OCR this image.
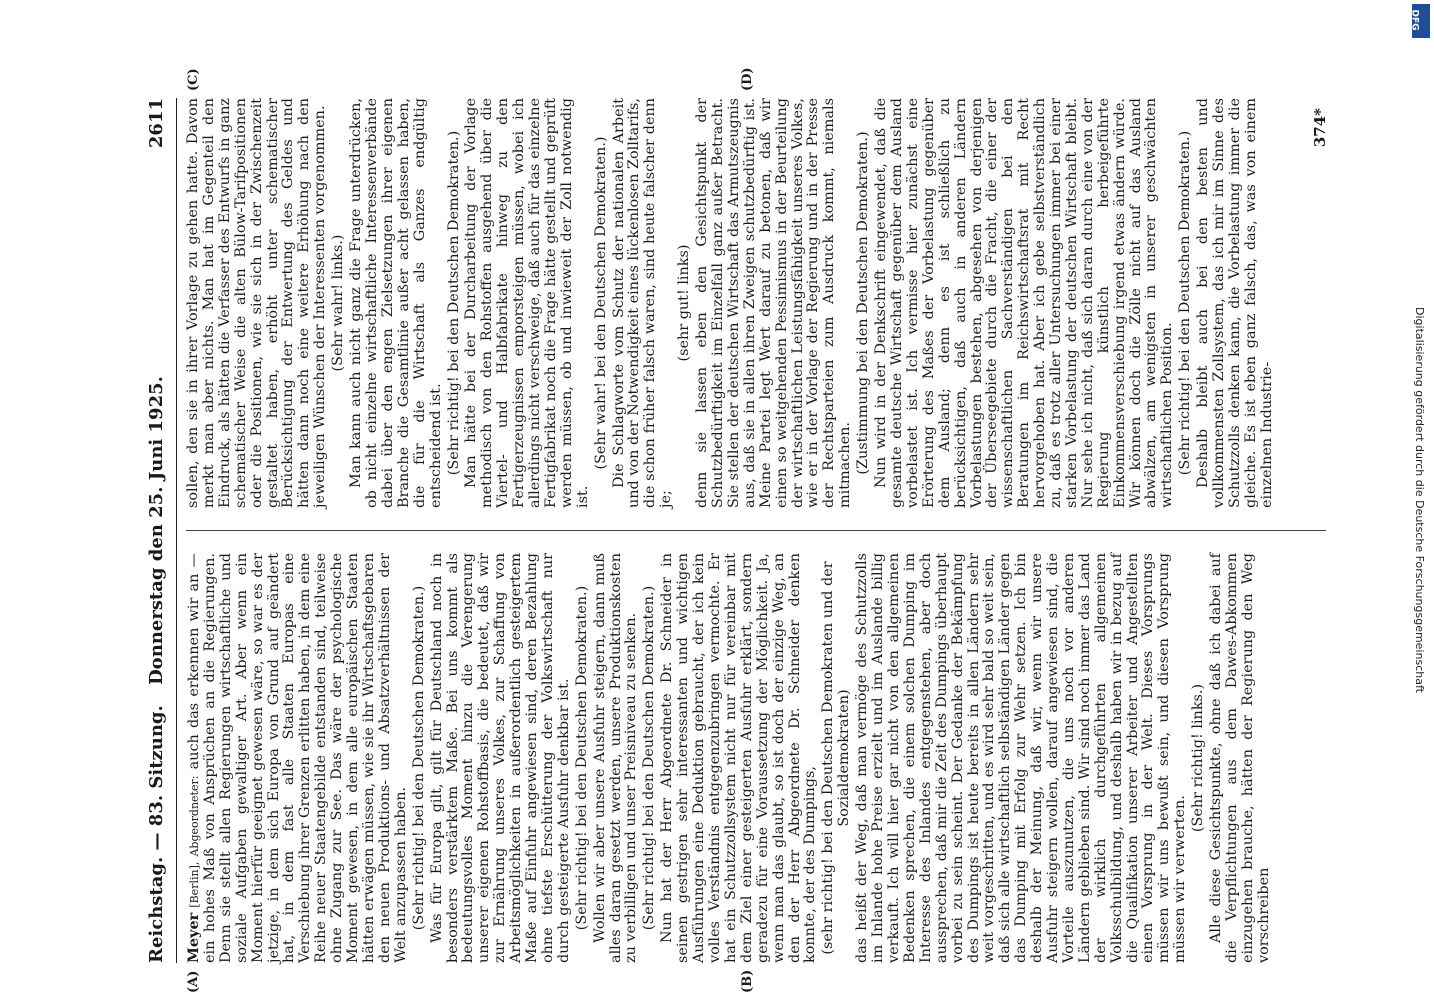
Reichstag. — 83. Sitzung.
Donnerstag den 25. Juni 1925.
2611
(A)	(B)
(C)	(D)

Meyer [Berlin], Abgeordneter: auch das erkennen wir an — ein hohes Maß von Ansprüchen an die Regierungen. Denn sie stellt allen Regierungen wirtschaftliche und soziale Aufgaben gewaltiger Art. Aber wenn ein Moment hierfür geeignet gewesen wäre, so war es der jetzige, in dem sich Europa von Grund auf geändert hat, in dem fast alle Staaten Europas eine Verschiebung ihrer Grenzen erlitten haben, in dem eine Reihe neuer Staatengebilde entstanden sind, teilweise ohne Zugang zur See. Das wäre der psychologische Moment gewesen, in dem alle europäischen Staaten hätten erwägen müssen, wie sie ihr Wirtschaftsgebaren den neuen Produktions- und Absatzverhältnissen der Welt anzupassen haben. (Sehr richtig! bei den Deutschen Demokraten.) Was für Europa gilt, gilt für Deutschland noch in besonders verstärktem Maße. Bei uns kommt als bedeutungsvolles Moment hinzu die Verengerung unserer eigenen Rohstoffbasis, die bedeutet, daß wir zur Ernährung unseres Volkes, zur Schaffung von Arbeitsmöglichkeiten in außerordentlich gesteigertem Maße auf Einfuhr angewiesen sind, deren Bezahlung ohne tiefste Erschütterung der Volkswirtschaft nur durch gesteigerte Ausfuhr denkbar ist. (Sehr richtig! bei den Deutschen Demokraten.) Wollen wir aber unsere Ausfuhr steigern, dann muß alles daran gesetzt werden, unsere Produktionskosten zu verbilligen und unser Preisniveau zu senken. (Sehr richtig! bei den Deutschen Demokraten.) Nun hat der Herr Abgeordnete Dr. Schneider in seinen gestrigen sehr interessanten und wichtigen Ausführungen eine Deduktion gebraucht, der ich kein volles Verständnis entgegenzubringen vermochte. Er hat ein Schutzzollsystem nicht nur für vereinbar mit dem Ziel einer gesteigerten Ausfuhr erklärt, sondern geradezu für eine Voraussetzung der Möglichkeit. Ja, wenn man das glaubt, so ist doch der einzige Weg, an den der Herr Abgeordnete Dr. Schneider denken konnte, der des Dumpings, (sehr richtig! bei den Deutschen Demokraten und der Sozialdemokraten) das heißt der Weg, daß man vermöge des Schutzzolls im Inlande hohe Preise erzielt und im Auslande billig verkauft. Ich will hier gar nicht von den allgemeinen Bedenken sprechen, die einem solchen Dumping im Interesse des Inlandes entgegenstehen, aber doch aussprechen, daß mir die Zeit des Dumpings überhaupt vorbei zu sein scheint. Der Gedanke der Bekämpfung des Dumpings ist heute bereits in allen Ländern sehr weit vorgeschritten, und es wird sehr bald so weit sein, daß sich alle wirtschaftlich selbständigen Länder gegen das Dumping mit Erfolg zur Wehr setzen. Ich bin deshalb der Meinung, daß wir, wenn wir unsere Ausfuhr steigern wollen, darauf angewiesen sind, die Vorteile auszunutzen, die uns noch vor anderen Ländern geblieben sind. Wir sind noch immer das Land der wirklich durchgeführten allgemeinen Volksschulbildung, und deshalb haben wir in bezug auf die Qualifikation unserer Arbeiter und Angestellten einen Vorsprung in der Welt. Dieses Vorsprungs müssen wir uns bewußt sein, und diesen Vorsprung müssen wir verwerten.

(Sehr richtig! links.) Alle diese Gesichtspunkte, ohne daß ich dabei auf die Verpflichtungen aus dem Dawes-Abkommen einzugehen brauche, hätten der Regierung den Weg vorschreiben

sollen, den sie in ihrer Vorlage zu gehen hatte. Davon merkt man aber nichts. Man hat im Gegenteil den Eindruck, als hätten die Verfasser des Entwurfs in ganz schematischer Weise die alten Bülow-Tarifpositionen oder die Positionen, wie sie sich in der Zwischenzeit gestaltet haben, erhöht unter schematischer Berücksichtigung der Entwertung des Geldes und hätten dann noch eine weitere Erhöhung nach den jeweiligen Wünschen der Interessenten vorgenommen. (Sehr wahr! links.) Man kann auch nicht ganz die Frage unterdrücken, ob nicht einzelne wirtschaftliche Interessenverbände dabei über den engen Zielsetzungen ihrer eigenen Branche die Gesamtlinie außer acht gelassen haben, die für die Wirtschaft als Ganzes endgültig entscheidend ist. (Sehr richtig! bei den Deutschen Demokraten.) Man hätte bei der Durcharbeitung der Vorlage methodisch von den Rohstoffen ausgehend über die Viertel- und Halbfabrikate hinweg zu den Fertigerzeugnissen emporsteigen müssen, wobei ich allerdings nicht verschweige, daß auch für das einzelne Fertigfabrikat noch die Frage hätte gestellt und geprüft werden müssen, ob und inwieweit der Zoll notwendig ist.

(Sehr wahr! bei den Deutschen Demokraten.) Die Schlagworte vom Schutz der nationalen Arbeit und von der Notwendigkeit eines lückenlosen Zolltarifs, die schon früher falsch waren, sind heute falscher denn je;

(sehr gut! links) denn sie lassen eben den Gesichtspunkt der Schutzbedürftigkeit im Einzelfall ganz außer Betracht. Sie stellen der deutschen Wirtschaft das Armutszeugnis aus, daß sie in allen ihren Zweigen schutzbedürftig ist. Meine Partei legt Wert darauf zu betonen, daß wir einen so weitgehenden Pessimismus in der Beurteilung der wirtschaftlichen Leistungsfähigkeit unseres Volkes, wie er in der Vorlage der Regierung und in der Presse der Rechtsparteien zum Ausdruck kommt, niemals mitmachen. (Zustimmung bei den Deutschen Demokraten.) Nun wird in der Denkschrift eingewendet, daß die gesamte deutsche Wirtschaft gegenüber dem Ausland vorbelastet ist. Ich vermisse hier zunächst eine Erörterung des Maßes der Vorbelastung gegenüber dem Ausland; denn es ist schließlich zu berücksichtigen, daß auch in anderen Ländern Vorbelastungen bestehen, abgesehen von derjenigen der Überseegebiete durch die Fracht, die einer der wissenschaftlichen Sachverständigen bei den Beratungen im Reichswirtschaftsrat mit Recht hervorgehoben hat. Aber ich gebe selbstverständlich zu, daß es trotz aller Untersuchungen immer bei einer starken Vorbelastung der deutschen Wirtschaft bleibt. Nur sehe ich nicht, daß sich daran durch eine von der Regierung künstlich herbeigeführte Einkommensverschiebung irgend etwas ändern würde. Wir können doch die Zölle nicht auf das Ausland abwälzen, am wenigsten in unserer geschwächten wirtschaftlichen Position. (Sehr richtig! bei den Deutschen Demokraten.) Deshalb bleibt auch bei den besten und vollkommensten Zollsystem, das ich mir im Sinne des Schutzzolls denken kann, die Vorbelastung immer die gleiche. Es ist eben ganz falsch, das, was von einem einzelnen Industrie-

374*
DFG
Digitalisierung gefördert durch die Deutsche Forschungsgemeinschaft
